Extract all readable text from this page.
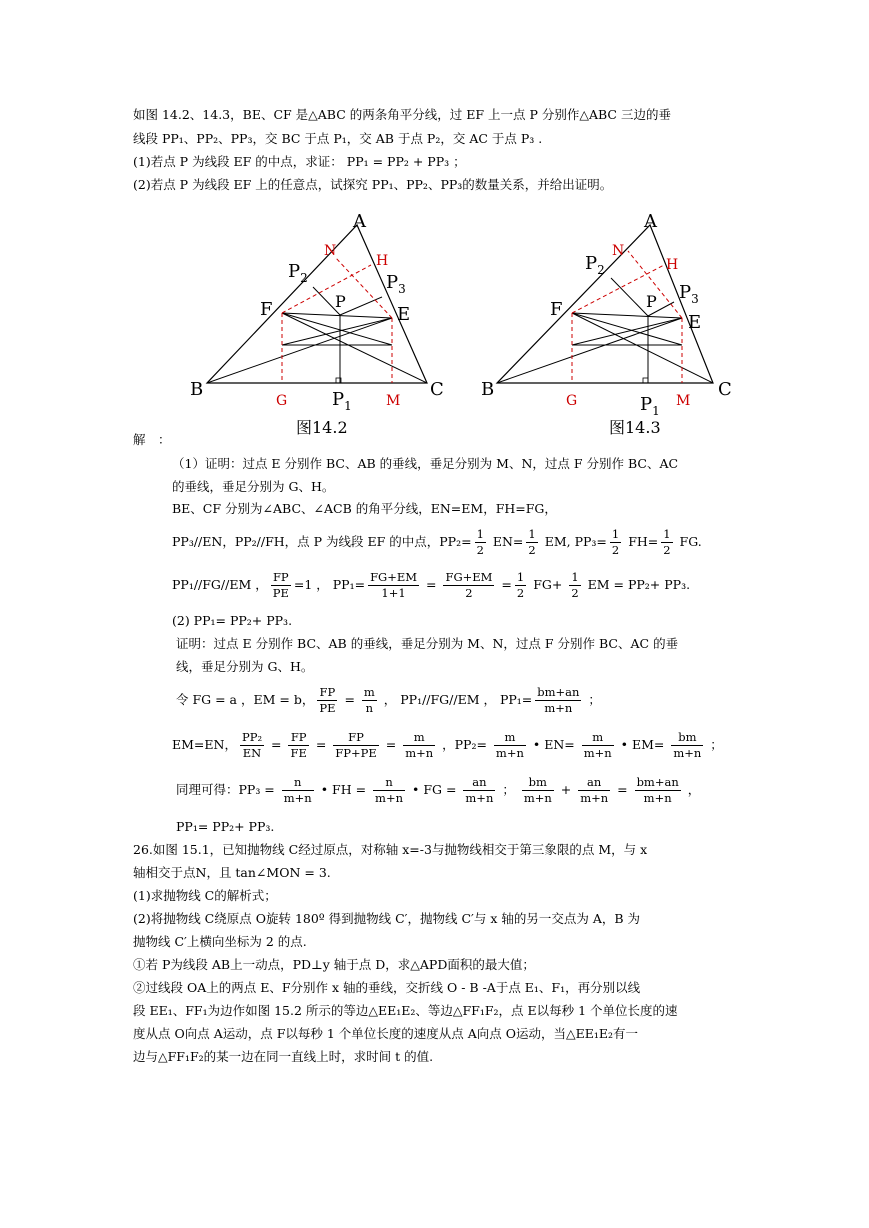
如图 14.2、14.3，BE、CF 是△ABC 的两条角平分线，过 EF 上一点 P 分别作△ABC 三边的垂
线段 PP₁、PP₂、PP₃，交 BC 于点 P₁，交 AB 于点 P₂，交 AC 于点 P₃ .
(1)若点 P 为线段 EF 的中点，求证： PP₁ = PP₂ + PP₃ ；
(2)若点 P 为线段 EF 上的任意点，试探究 PP₁、PP₂、PP₃的数量关系，并给出证明。
A
B	C
E
F	P
$P_1$
$P_2$	$P_3$
G	M
N
H
图14.2
A
B	C
E
F	P
$P_1$
$P_2$
$P_3$
G	M
N
H
图14.3
解　：
（1）证明：过点 E 分别作 BC、AB 的垂线，垂足分别为 M、N，过点 F 分别作 BC、AC
的垂线，垂足分别为 G、H。
BE、CF 分别为∠ABC、∠ACB 的角平分线，EN=EM，FH=FG，
PP₃//EN，PP₂//FH，点 P 为线段 EF 的中点，$PP_2= \frac{1}{2} EN= \frac{1}{2}$ EM, $PP_3= \frac{1}{2} FH= \frac{1}{2}$ FG.
PP₁//FG//EM ， $\frac{FP}{PE} =1$ ， $PP_1= \frac{FG+EM}{1+1} = \frac{FG+EM}{2} = \frac{1}{2} FG+ \frac{1}{2}$ EM = PP₂+ PP₃.
(2) PP₁= PP₂+ PP₃.
证明：过点 E 分别作 BC、AB 的垂线，垂足分别为 M、N，过点 F 分别作 BC、AC 的垂
线，垂足分别为 G、H。
令 FG = a ，EM = b， $\frac{FP}{PE} = \frac{m}{n}$ ， PP₁//FG//EM ， $PP_1= \frac{bm+an}{m+n}$ ；
EM=EN， $\frac{\text{PP₂}}{EN} = \frac{FP}{FE} = \frac{FP}{FP+PE} = \frac{m}{m+n}$ ，$PP_2= \frac{m}{m+n}$ • $EN= \frac{m}{m+n}$ • $EM= \frac{bm}{m+n}$ ；
同理可得：$PP_3 = \frac{n}{m+n}$ • FH = $\frac{n}{m+n}$ • FG = $\frac{an}{m+n}$ ； $\frac{bm}{m+n} + \frac{an}{m+n} = \frac{bm+an}{m+n}$ ，
PP₁= PP₂+ PP₃.
26.如图 15.1，已知抛物线 C经过原点，对称轴 x=-3与抛物线相交于第三象限的点 M，与 x
轴相交于点N，且 tan∠MON = 3.
(1)求抛物线 C的解析式；
(2)将抛物线 C绕原点 O旋转 180º 得到抛物线 C′，抛物线 C′与 x 轴的另一交点为 A，B 为
抛物线 C′上横向坐标为 2 的点.
①若 P为线段 AB上一动点，PD⊥y 轴于点 D，求△APD面积的最大值；
②过线段 OA上的两点 E、F分别作 x 轴的垂线，交折线 O - B -A于点 E₁、F₁，再分别以线
段 EE₁、FF₁为边作如图 15.2 所示的等边△EE₁E₂、等边△FF₁F₂，点 E以每秒 1 个单位长度的速
度从点 O向点 A运动，点 F以每秒 1 个单位长度的速度从点 A向点 O运动，当△EE₁E₂有一
边与△FF₁F₂的某一边在同一直线上时，求时间 t 的值.
